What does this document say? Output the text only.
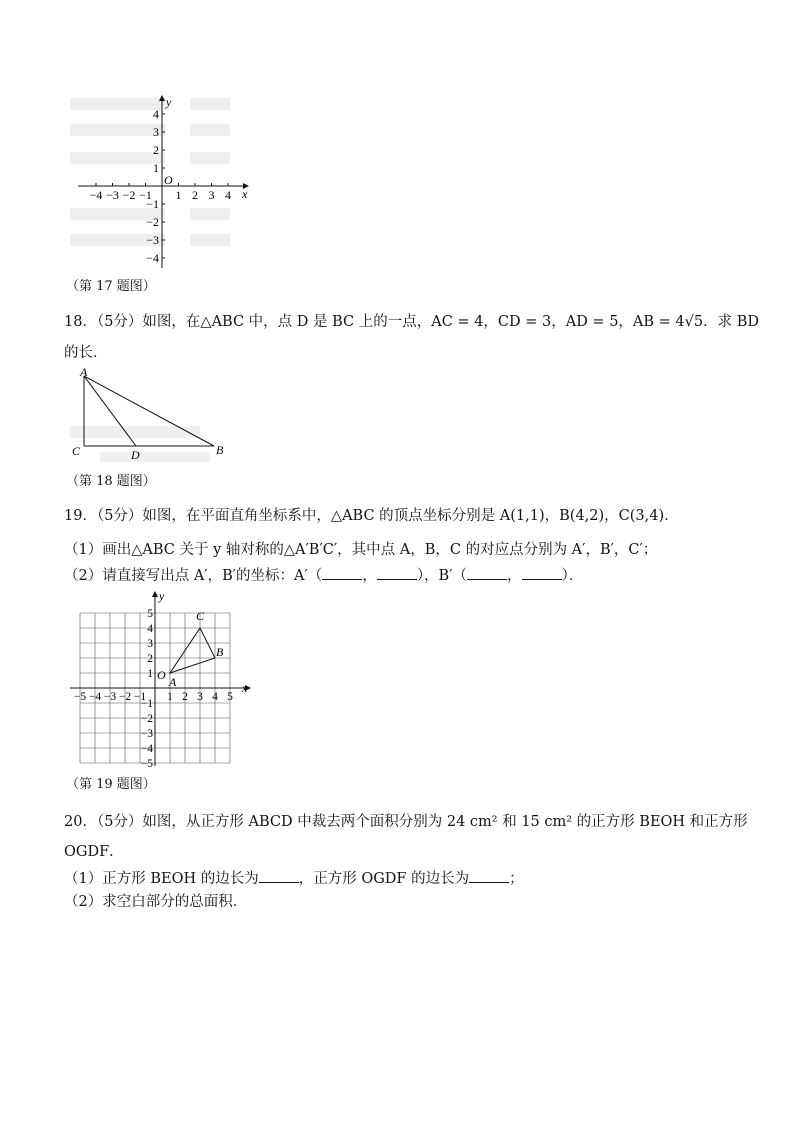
−4 −3 −2 −1 1 2 3 4
4
3
2
1
−1
−2
−3
−4
y
x
O
（第 17 题图）
18．（5分）如图，在△ABC 中，点 D 是 BC 上的一点，AC = 4，CD = 3，AD = 5，AB = 4√5．求 BD
的长．
A
C	D	B
（第 18 题图）
19．（5分）如图，在平面直角坐标系中，△ABC 的顶点坐标分别是 A(1,1)，B(4,2)，C(3,4)．
（1）画出△ABC 关于 y 轴对称的△A′B′C′，其中点 A，B，C 的对应点分别为 A′，B′，C′；
（2）请直接写出点 A′，B′的坐标：A′（	，	），B′（	，	）．
−5 −4 −3 −2 −1 1 2 3 4 5
5
4
3
2
1
−1
−2
−3
−4
−5
A
B
C
y
x
O
（第 19 题图）
20．（5分）如图，从正方形 ABCD 中裁去两个面积分别为 24 cm² 和 15 cm² 的正方形 BEOH 和正方形
OGDF．
（1）正方形 BEOH 的边长为	，正方形 OGDF 的边长为	；
（2）求空白部分的总面积．
